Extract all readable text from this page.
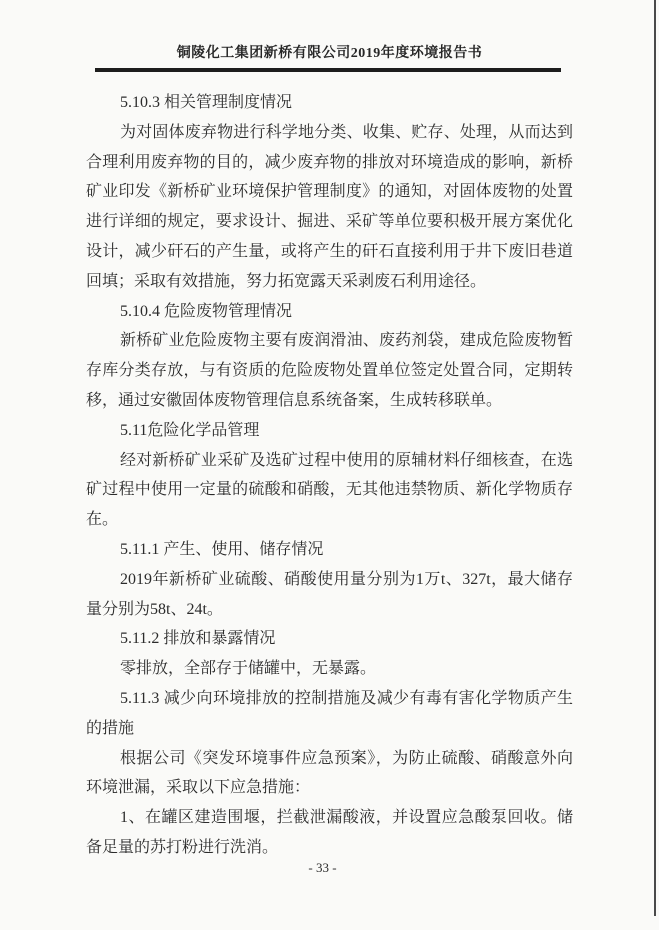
铜陵化工集团新桥有限公司2019年度环境报告书
5.10.3 相关管理制度情况
为对固体废弃物进行科学地分类、收集、贮存、处理，从而达到
合理利用废弃物的目的，减少废弃物的排放对环境造成的影响，新桥
矿业印发《新桥矿业环境保护管理制度》的通知，对固体废物的处置
进行详细的规定，要求设计、掘进、采矿等单位要积极开展方案优化
设计，减少矸石的产生量，或将产生的矸石直接利用于井下废旧巷道
回填；采取有效措施，努力拓宽露天采剥废石利用途径。
5.10.4 危险废物管理情况
新桥矿业危险废物主要有废润滑油、废药剂袋，建成危险废物暂
存库分类存放，与有资质的危险废物处置单位签定处置合同，定期转
移，通过安徽固体废物管理信息系统备案，生成转移联单。
5.11危险化学品管理
经对新桥矿业采矿及选矿过程中使用的原辅材料仔细核查，在选
矿过程中使用一定量的硫酸和硝酸，无其他违禁物质、新化学物质存
在。
5.11.1 产生、使用、储存情况
2019年新桥矿业硫酸、硝酸使用量分别为1万t、327t，最大储存
量分别为58t、24t。
5.11.2 排放和暴露情况
零排放，全部存于储罐中，无暴露。
5.11.3 减少向环境排放的控制措施及减少有毒有害化学物质产生
的措施
根据公司《突发环境事件应急预案》，为防止硫酸、硝酸意外向
环境泄漏，采取以下应急措施：
1、在罐区建造围堰，拦截泄漏酸液，并设置应急酸泵回收。储
备足量的苏打粉进行洗消。
- 33 -
